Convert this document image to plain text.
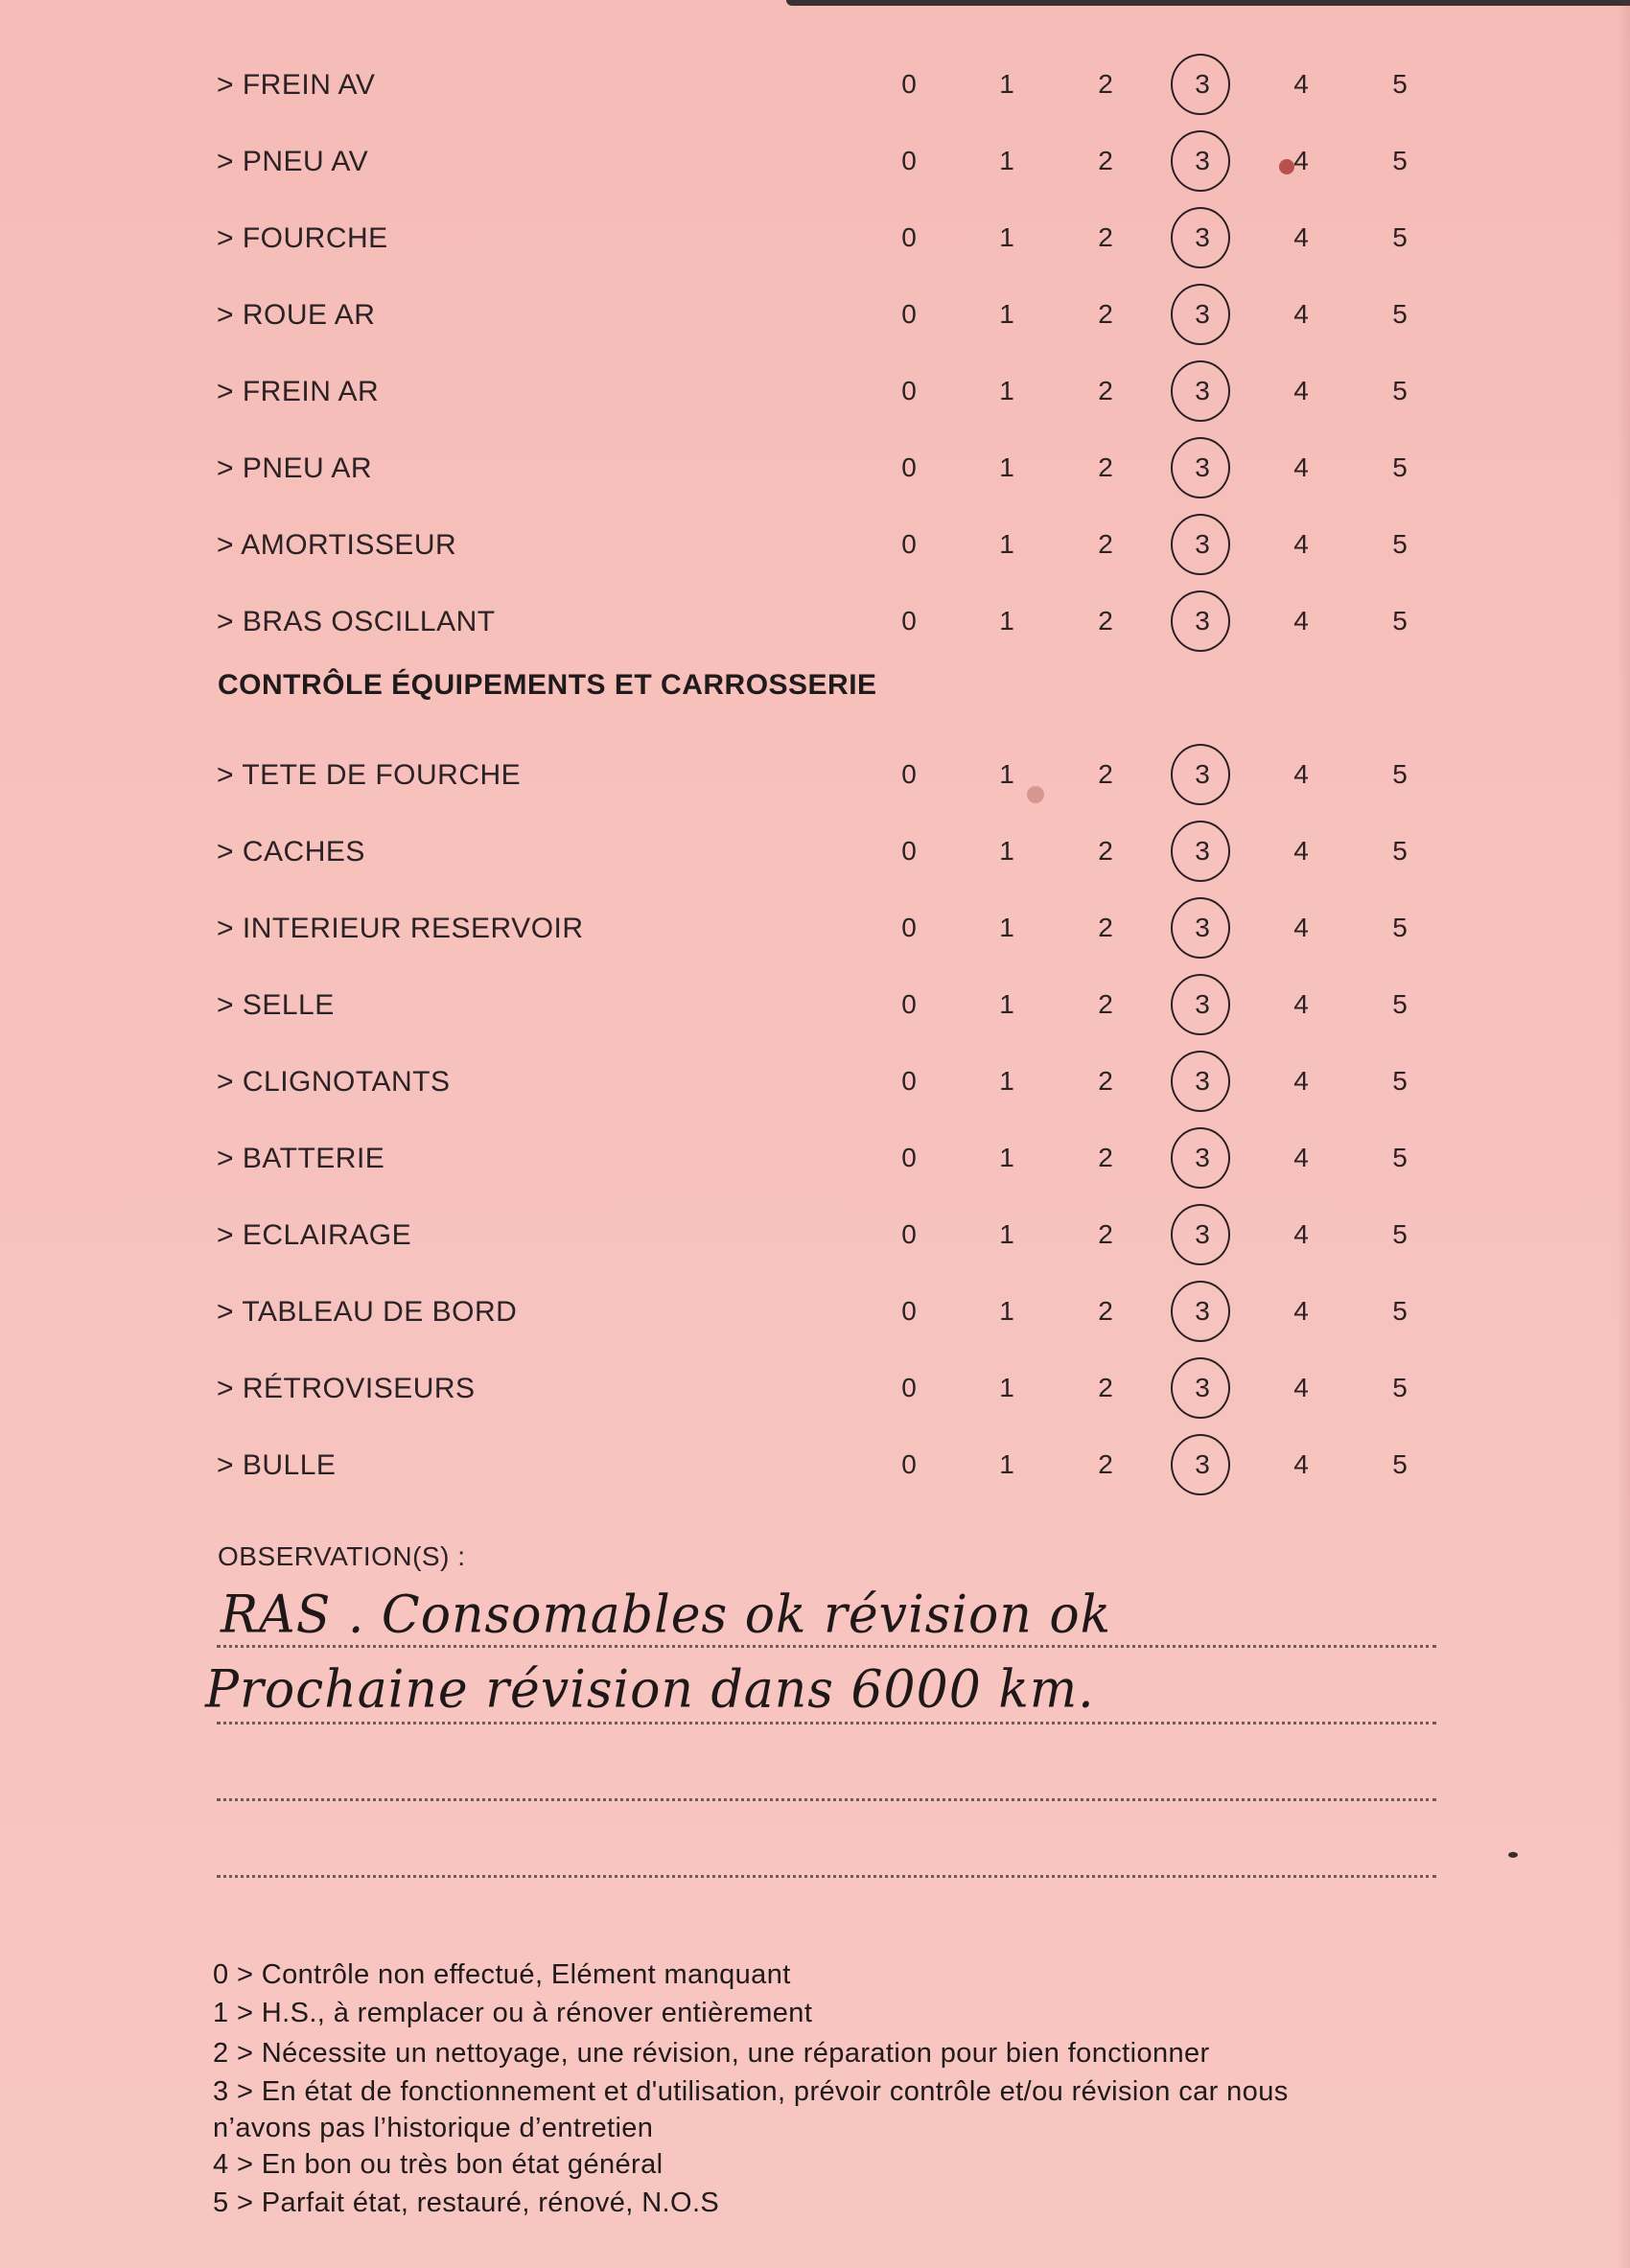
> FREIN AV	0	1	2	3	4	5
> PNEU AV	0	1	2	3	4	5
> FOURCHE	0	1	2	3	4	5
> ROUE AR	0	1	2	3	4	5
> FREIN AR	0	1	2	3	4	5
> PNEU AR	0	1	2	3	4	5
> AMORTISSEUR	0	1	2	3	4	5
> BRAS OSCILLANT	0	1	2	3	4	5
CONTRÔLE ÉQUIPEMENTS ET CARROSSERIE
> TETE DE FOURCHE	0	1	2	3	4	5
> CACHES	0	1	2	3	4	5
> INTERIEUR RESERVOIR	0	1	2	3	4	5
> SELLE	0	1	2	3	4	5
> CLIGNOTANTS	0	1	2	3	4	5
> BATTERIE	0	1	2	3	4	5
> ECLAIRAGE	0	1	2	3	4	5
> TABLEAU DE BORD	0	1	2	3	4	5
> RÉTROVISEURS	0	1	2	3	4	5
> BULLE	0	1	2	3	4	5
OBSERVATION(S) :
RAS . Consomables ok révision ok
Prochaine révision dans 6000 km.
0 > Contrôle non effectué, Elément manquant
1 > H.S., à remplacer ou à rénover entièrement
2 > Nécessite un nettoyage, une révision, une réparation pour bien fonctionner
3 > En état de fonctionnement et d'utilisation, prévoir contrôle et/ou révision car nous
n’avons pas l’historique d’entretien
4 > En bon ou très bon état général
5 > Parfait état, restauré, rénové, N.O.S
